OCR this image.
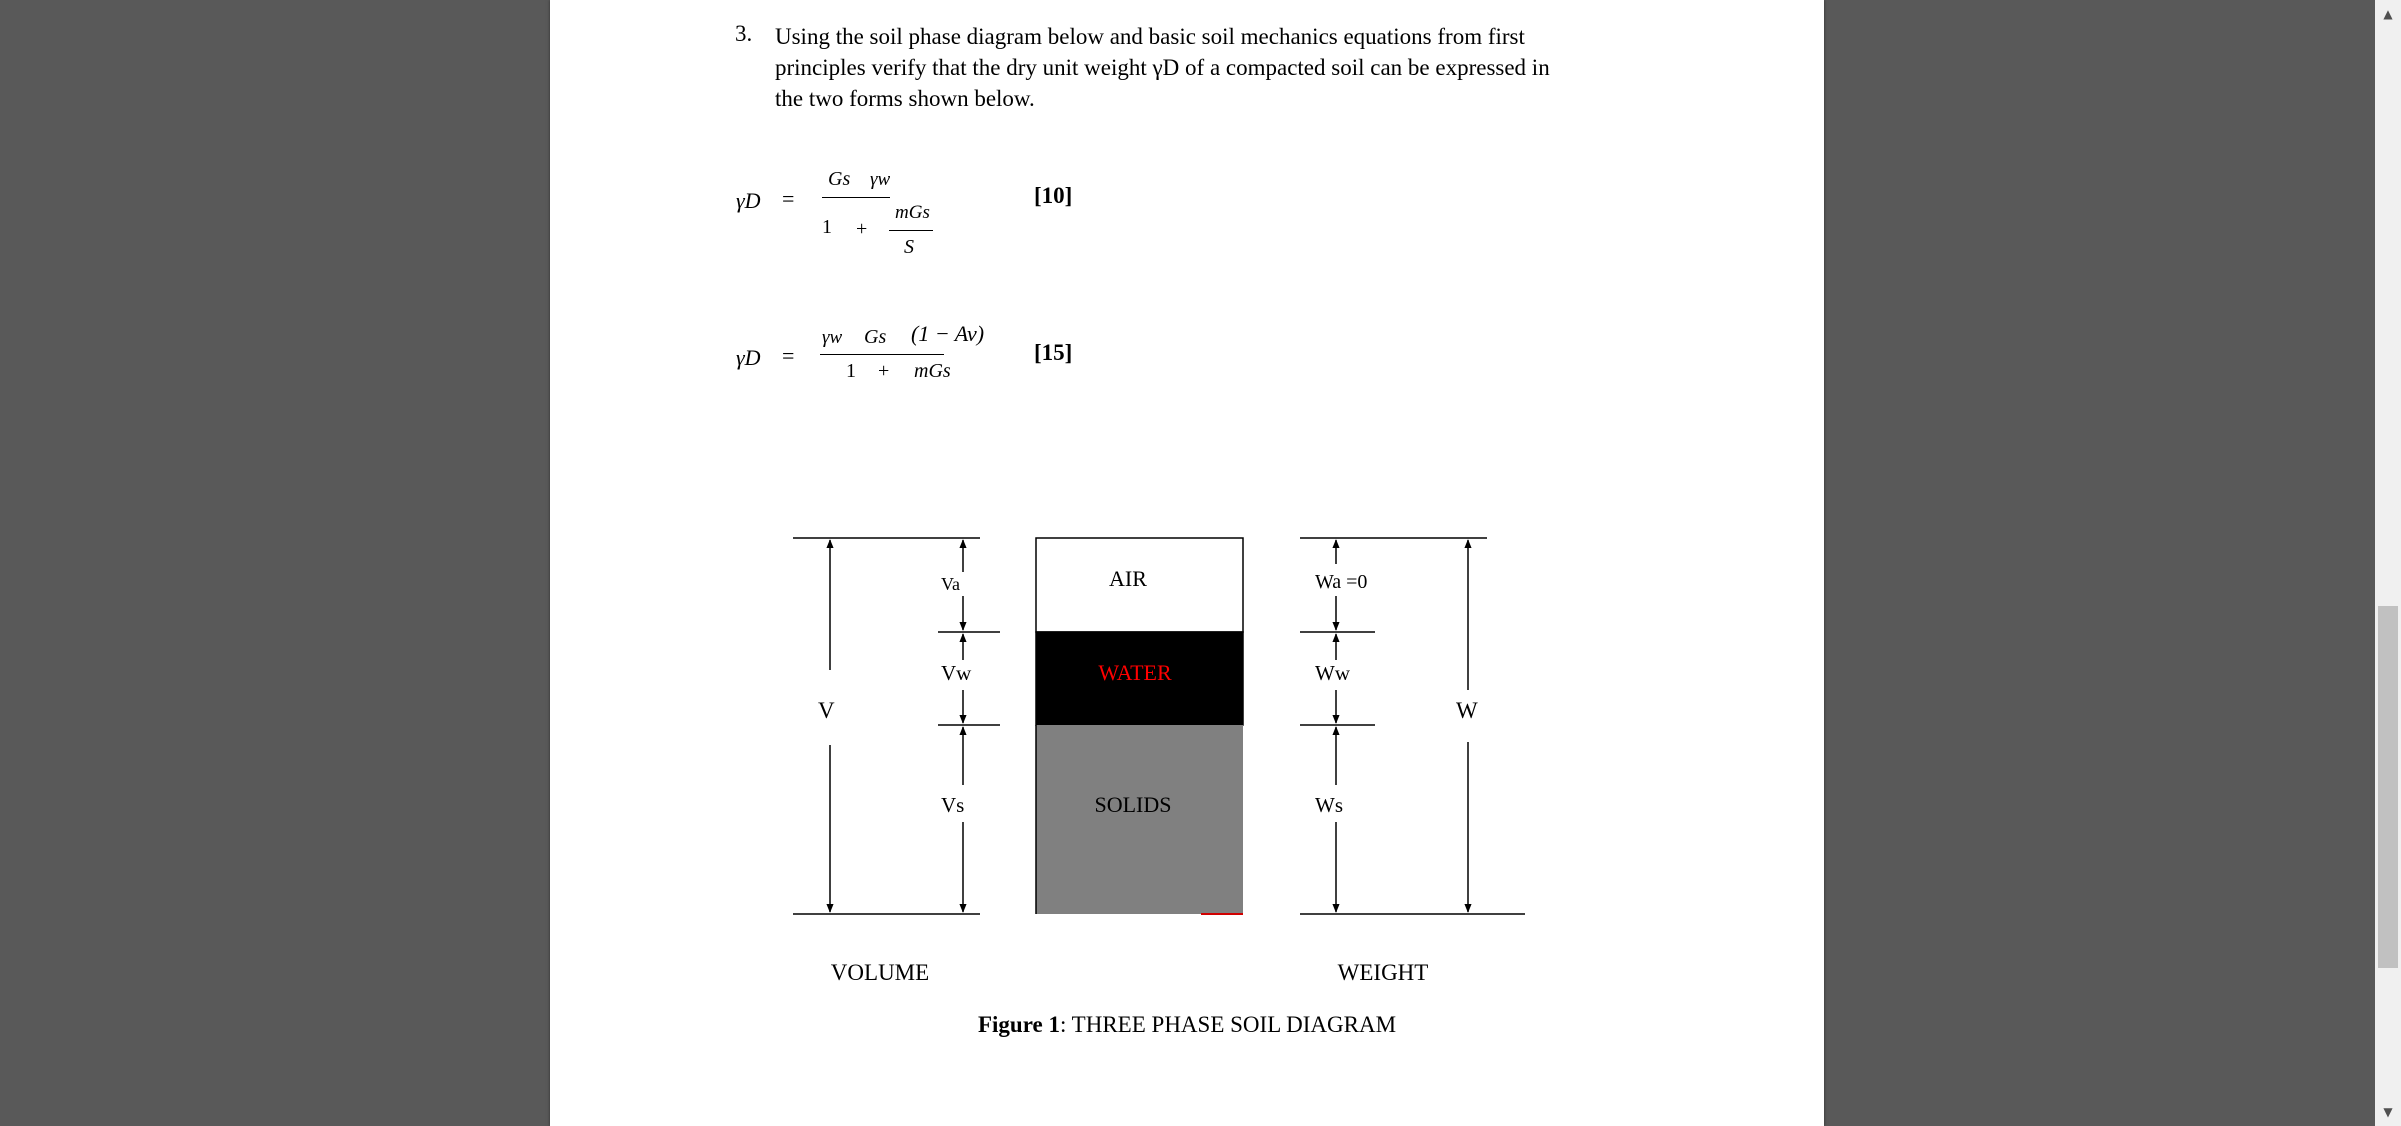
3. Using the soil phase diagram below and basic soil mechanics equations from first
principles verify that the dry unit weight γD of a compacted soil can be expressed in
the two forms shown below.
γD =
Gs γw
1 +
mGs
S
[10]
γD =
γw Gs (1 − Av)
1 + mGs
[15]
AIR
WATER
SOLIDS
V
Va
Vw
Vs
Wa =0
Ww
Ws
W
VOLUME	WEIGHT
Figure 1: THREE PHASE SOIL DIAGRAM
▲
▼
